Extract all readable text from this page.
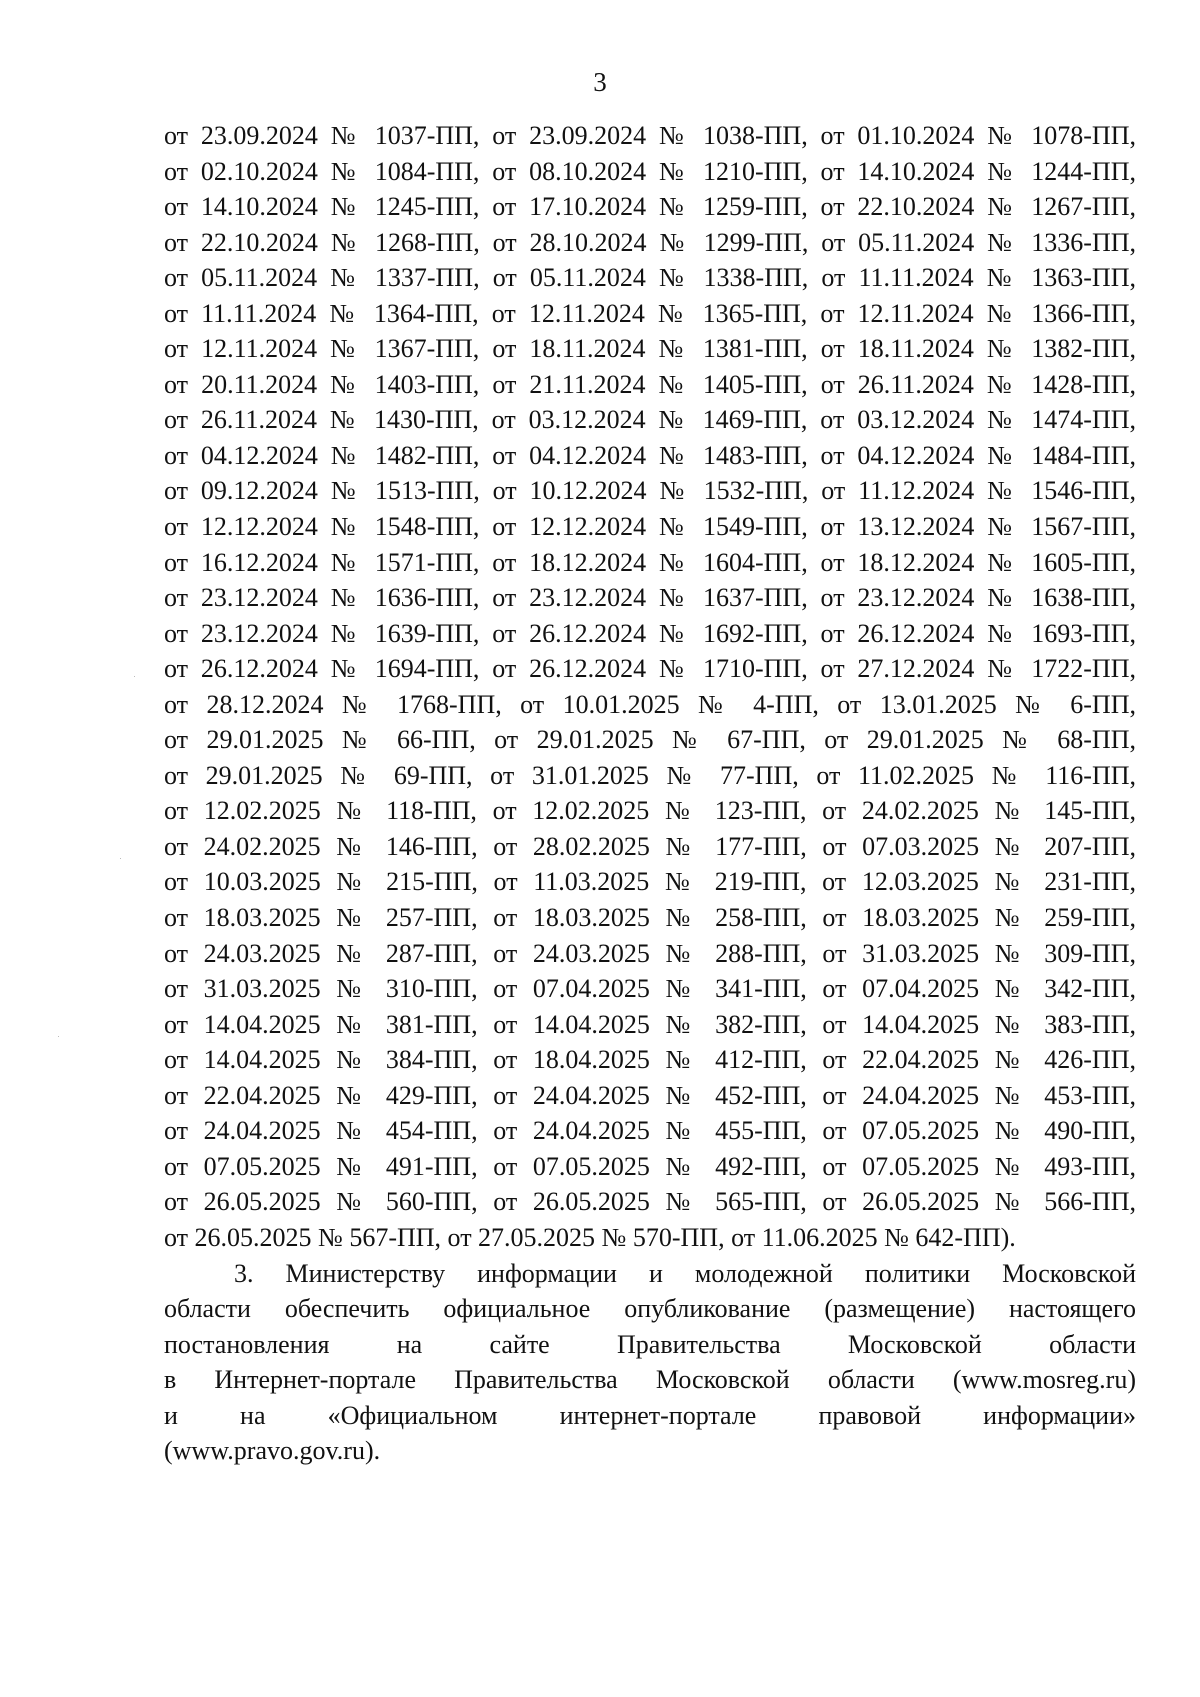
3
от 23.09.2024 № 1037-ПП, от 23.09.2024 № 1038-ПП, от 01.10.2024 № 1078-ПП,
от 02.10.2024 № 1084-ПП, от 08.10.2024 № 1210-ПП, от 14.10.2024 № 1244-ПП,
от 14.10.2024 № 1245-ПП, от 17.10.2024 № 1259-ПП, от 22.10.2024 № 1267-ПП,
от 22.10.2024 № 1268-ПП, от 28.10.2024 № 1299-ПП, от 05.11.2024 № 1336-ПП,
от 05.11.2024 № 1337-ПП, от 05.11.2024 № 1338-ПП, от 11.11.2024 № 1363-ПП,
от 11.11.2024 № 1364-ПП, от 12.11.2024 № 1365-ПП, от 12.11.2024 № 1366-ПП,
от 12.11.2024 № 1367-ПП, от 18.11.2024 № 1381-ПП, от 18.11.2024 № 1382-ПП,
от 20.11.2024 № 1403-ПП, от 21.11.2024 № 1405-ПП, от 26.11.2024 № 1428-ПП,
от 26.11.2024 № 1430-ПП, от 03.12.2024 № 1469-ПП, от 03.12.2024 № 1474-ПП,
от 04.12.2024 № 1482-ПП, от 04.12.2024 № 1483-ПП, от 04.12.2024 № 1484-ПП,
от 09.12.2024 № 1513-ПП, от 10.12.2024 № 1532-ПП, от 11.12.2024 № 1546-ПП,
от 12.12.2024 № 1548-ПП, от 12.12.2024 № 1549-ПП, от 13.12.2024 № 1567-ПП,
от 16.12.2024 № 1571-ПП, от 18.12.2024 № 1604-ПП, от 18.12.2024 № 1605-ПП,
от 23.12.2024 № 1636-ПП, от 23.12.2024 № 1637-ПП, от 23.12.2024 № 1638-ПП,
от 23.12.2024 № 1639-ПП, от 26.12.2024 № 1692-ПП, от 26.12.2024 № 1693-ПП,
от 26.12.2024 № 1694-ПП, от 26.12.2024 № 1710-ПП, от 27.12.2024 № 1722-ПП,
от 28.12.2024 № 1768-ПП, от 10.01.2025 № 4-ПП, от 13.01.2025 № 6-ПП,
от 29.01.2025 № 66-ПП, от 29.01.2025 № 67-ПП, от 29.01.2025 № 68-ПП,
от 29.01.2025 № 69-ПП, от 31.01.2025 № 77-ПП, от 11.02.2025 № 116-ПП,
от 12.02.2025 № 118-ПП, от 12.02.2025 № 123-ПП, от 24.02.2025 № 145-ПП,
от 24.02.2025 № 146-ПП, от 28.02.2025 № 177-ПП, от 07.03.2025 № 207-ПП,
от 10.03.2025 № 215-ПП, от 11.03.2025 № 219-ПП, от 12.03.2025 № 231-ПП,
от 18.03.2025 № 257-ПП, от 18.03.2025 № 258-ПП, от 18.03.2025 № 259-ПП,
от 24.03.2025 № 287-ПП, от 24.03.2025 № 288-ПП, от 31.03.2025 № 309-ПП,
от 31.03.2025 № 310-ПП, от 07.04.2025 № 341-ПП, от 07.04.2025 № 342-ПП,
от 14.04.2025 № 381-ПП, от 14.04.2025 № 382-ПП, от 14.04.2025 № 383-ПП,
от 14.04.2025 № 384-ПП, от 18.04.2025 № 412-ПП, от 22.04.2025 № 426-ПП,
от 22.04.2025 № 429-ПП, от 24.04.2025 № 452-ПП, от 24.04.2025 № 453-ПП,
от 24.04.2025 № 454-ПП, от 24.04.2025 № 455-ПП, от 07.05.2025 № 490-ПП,
от 07.05.2025 № 491-ПП, от 07.05.2025 № 492-ПП, от 07.05.2025 № 493-ПП,
от 26.05.2025 № 560-ПП, от 26.05.2025 № 565-ПП, от 26.05.2025 № 566-ПП,
от 26.05.2025 № 567-ПП, от 27.05.2025 № 570-ПП, от 11.06.2025 № 642-ПП).
3. Министерству информации и молодежной политики Московской
области обеспечить официальное опубликование (размещение) настоящего
постановления на сайте Правительства Московской области
в Интернет-портале Правительства Московской области (www.mosreg.ru)
и на «Официальном интернет-портале правовой информации»
(www.pravo.gov.ru).
